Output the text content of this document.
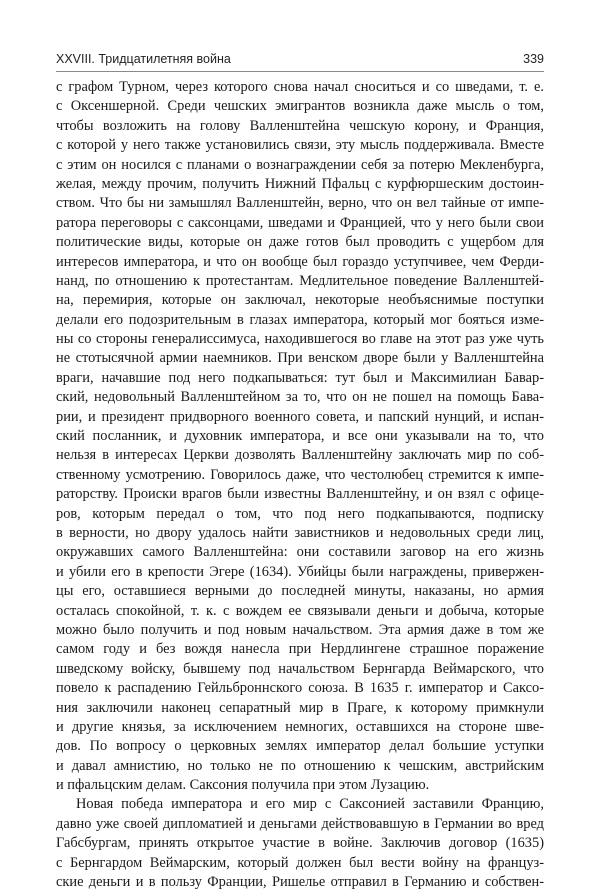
XXVIII. Тридцатилетняя война	339
с графом Турном, через которого снова начал сноситься и со шведами, т. е.
с Оксеншерной. Среди чешских эмигрантов возникла даже мысль о том,
чтобы возложить на голову Валленштейна чешскую корону, и Франция,
с которой у него также установились связи, эту мысль поддерживала. Вместе
с этим он носился с планами о вознаграждении себя за потерю Мекленбурга,
желая, между прочим, получить Нижний Пфальц с курфюршеским достоин-
ством. Что бы ни замышлял Валленштейн, верно, что он вел тайные от импе-
ратора переговоры с саксонцами, шведами и Францией, что у него были свои
политические виды, которые он даже готов был проводить с ущербом для
интересов императора, и что он вообще был гораздо уступчивее, чем Ферди-
нанд, по отношению к протестантам. Медлительное поведение Валленштей-
на, перемирия, которые он заключал, некоторые необъяснимые поступки
делали его подозрительным в глазах императора, который мог бояться изме-
ны со стороны генералиссимуса, находившегося во главе на этот раз уже чуть
не стотысячной армии наемников. При венском дворе были у Валленштейна
враги, начавшие под него подкапываться: тут был и Максимилиан Бавар-
ский, недовольный Валленштейном за то, что он не пошел на помощь Бава-
рии, и президент придворного военного совета, и папский нунций, и испан-
ский посланник, и духовник императора, и все они указывали на то, что
нельзя в интересах Церкви дозволять Валленштейну заключать мир по соб-
ственному усмотрению. Говорилось даже, что честолюбец стремится к импе-
раторству. Происки врагов были известны Валленштейну, и он взял с офице-
ров, которым передал о том, что под него подкапываются, подписку
в верности, но двору удалось найти завистников и недовольных среди лиц,
окружавших самого Валленштейна: они составили заговор на его жизнь
и убили его в крепости Эгере (1634). Убийцы были награждены, привержен-
цы его, оставшиеся верными до последней минуты, наказаны, но армия
осталась спокойной, т. к. с вождем ее связывали деньги и добыча, которые
можно было получить и под новым начальством. Эта армия даже в том же
самом году и без вождя нанесла при Нердлингене страшное поражение
шведскому войску, бывшему под начальством Бернгарда Веймарского, что
повело к распадению Гейльброннского союза. В 1635 г. император и Саксо-
ния заключили наконец сепаратный мир в Праге, к которому примкнули
и другие князья, за исключением немногих, оставшихся на стороне шве-
дов. По вопросу о церковных землях император делал большие уступки
и давал амнистию, но только не по отношению к чешским, австрийским
и пфальцским делам. Саксония получила при этом Лузацию.
Новая победа императора и его мир с Саксонией заставили Францию,
давно уже своей дипломатией и деньгами действовавшую в Германии во вред
Габсбургам, принять открытое участие в войне. Заключив договор (1635)
с Бернгардом Веймарским, который должен был вести войну на француз-
ские деньги и в пользу Франции, Ришелье отправил в Германию и собствен-
